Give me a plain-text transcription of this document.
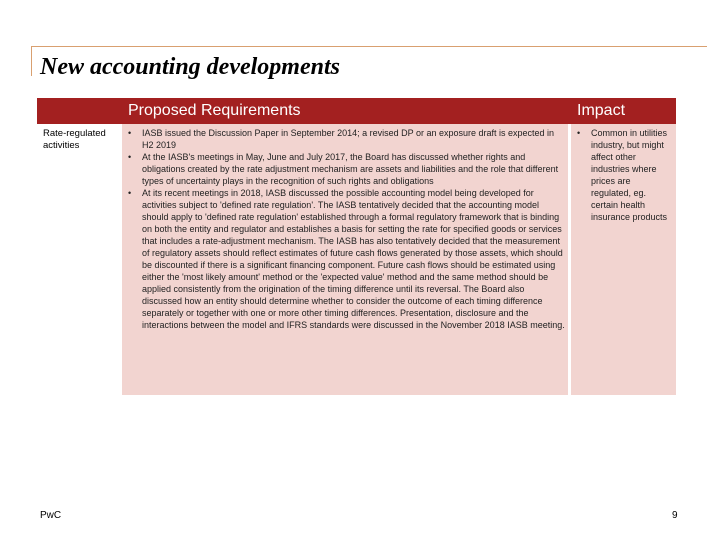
New accounting developments
Proposed Requirements	Impact
Rate-regulated activities
• IASB issued the Discussion Paper in September 2014; a revised DP or an exposure draft is expected in H2 2019
• At the IASB's meetings in May, June and July 2017, the Board has discussed whether rights and obligations created by the rate adjustment mechanism are assets and liabilities and the role that different types of uncertainty plays in the recognition of such rights and obligations
• At its recent meetings in 2018, IASB discussed the possible accounting model being developed for activities subject to 'defined rate regulation'. The IASB tentatively decided that the accounting model should apply to 'defined rate regulation' established through a formal regulatory framework that is binding on both the entity and regulator and establishes a basis for setting the rate for specified goods or services that includes a rate-adjustment mechanism. The IASB has also tentatively decided that the measurement of regulatory assets should reflect estimates of future cash flows generated by those assets, which should be discounted if there is a significant financing component. Future cash flows should be estimated using either the 'most likely amount' method or the 'expected value' method and the same method should be applied consistently from the origination of the timing difference until its reversal. The Board also discussed how an entity should determine whether to consider the outcome of each timing difference separately or together with one or more other timing differences. Presentation, disclosure and the interactions between the model and IFRS standards were discussed in the November 2018 IASB meeting.
• Common in utilities industry, but might affect other industries where prices are regulated, eg. certain health insurance products
PwC	9
